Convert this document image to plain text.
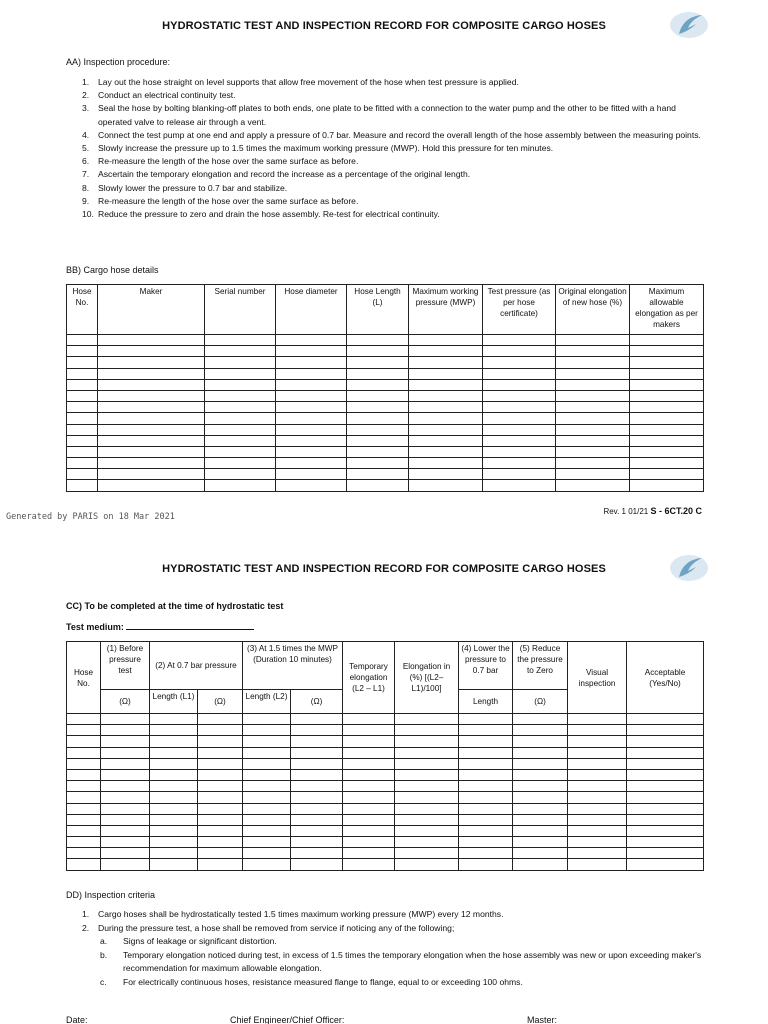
HYDROSTATIC TEST AND INSPECTION RECORD FOR COMPOSITE CARGO HOSES
AA) Inspection procedure:
1. Lay out the hose straight on level supports that allow free movement of the hose when test pressure is applied.
2. Conduct an electrical continuity test.
3. Seal the hose by bolting blanking-off plates to both ends, one plate to be fitted with a connection to the water pump and the other to be fitted with a hand operated valve to release air through a vent.
4. Connect the test pump at one end and apply a pressure of 0.7 bar. Measure and record the overall length of the hose assembly between the measuring points.
5. Slowly increase the pressure up to 1.5 times the maximum working pressure (MWP). Hold this pressure for ten minutes.
6. Re-measure the length of the hose over the same surface as before.
7. Ascertain the temporary elongation and record the increase as a percentage of the original length.
8. Slowly lower the pressure to 0.7 bar and stabilize.
9. Re-measure the length of the hose over the same surface as before.
10. Reduce the pressure to zero and drain the hose assembly. Re-test for electrical continuity.
BB) Cargo hose details
Hose No.	Maker	Serial number	Hose diameter	Hose Length (L)	Maximum working pressure (MWP)	Test pressure (as per hose certificate)	Original elongation of new hose (%)	Maximum allowable elongation as per makers

Generated by PARIS on 18 Mar 2021
Rev. 1 01/21 S - 6CT.20 C
HYDROSTATIC TEST AND INSPECTION RECORD FOR COMPOSITE CARGO HOSES
CC) To be completed at the time of hydrostatic test
Test medium:
Hose No.	(1) Before pressure test	(2) At 0.7 bar pressure		(3) At 1.5 times the MWP (Duration 10 minutes)		Temporary elongation (L2 – L1)	Elongation in (%) [(L2–L1)/100]	(4) Lower the pressure to 0.7 bar	(5) Reduce the pressure to Zero	Visual inspection	Acceptable (Yes/No)
	(Ω)	Length (L1)	(Ω)	Length (L2)	(Ω)			Length	(Ω)		

DD) Inspection criteria
1. Cargo hoses shall be hydrostatically tested 1.5 times maximum working pressure (MWP) every 12 months.
2. During the pressure test, a hose shall be removed from service if noticing any of the following;
a. Signs of leakage or significant distortion.
b. Temporary elongation noticed during test, in excess of 1.5 times the temporary elongation when the hose assembly was new or upon exceeding maker's recommendation for maximum allowable elongation.
c. For electrically continuous hoses, resistance measured flange to flange, equal to or exceeding 100 ohms.
Date:	Chief Engineer/Chief Officer:	Master:
